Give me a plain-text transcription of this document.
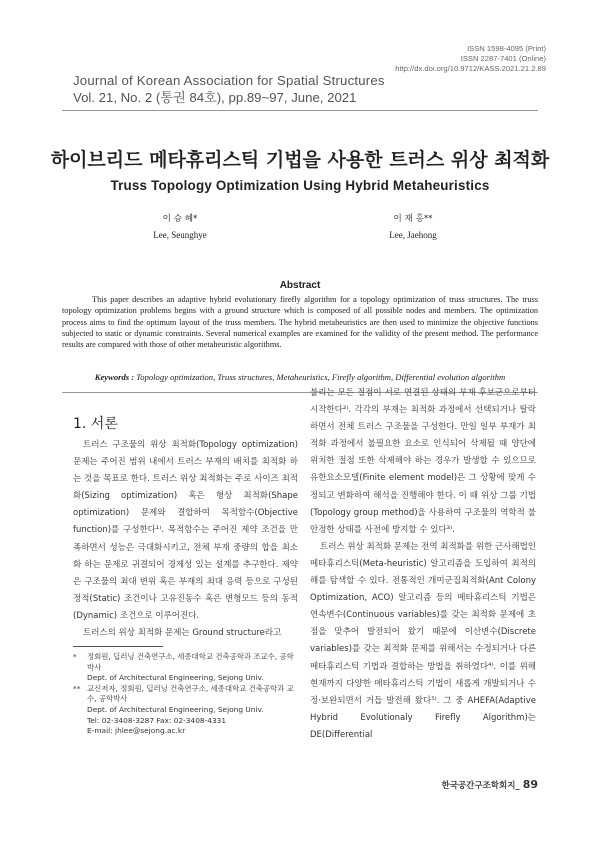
ISSN 1598-4095 (Print)
ISSN 2287-7401 (Online)
http://dx.doi.org/10.9712/KASS.2021.21.2.89
Journal of Korean Association for Spatial Structures
Vol. 21, No. 2 (통권 84호), pp.89~97, June, 2021
하이브리드 메타휴리스틱 기법을 사용한 트러스 위상 최적화
Truss Topology Optimization Using Hybrid Metaheuristics
이 승 혜*
Lee, Seunghye
이 재 홍**
Lee, Jaehong
Abstract
This paper describes an adaptive hybrid evolutionary firefly algorithm for a topology optimization of truss structures. The truss topology optimization problems begins with a ground structure which is composed of all possible nodes and members. The optimization process aims to find the optimum layout of the truss members. The hybrid metaheuristics are then used to minimize the objective functions subjected to static or dynamic constraints. Several numerical examples are examined for the validity of the present method. The performance results are compared with those of other metaheuristic algorithms.
Keywords : Topology optimization, Truss structures, Metaheuristics, Firefly algorithm, Differential evolution algorithm
1. 서론

트러스 구조물의 위상 최적화(Topology optimization) 문제는 주어진 범위 내에서 트러스 부재의 배치를 최적화 하는 것을 목표로 한다. 트러스 위상 최적화는 주로 사이즈 최적화(Sizing optimization) 혹은 형상 최적화(Shape optimization) 문제와 결합하여 목적함수(Objective function)를 구성한다¹⁾. 목적함수는 주어진 제약 조건을 만족하면서 성능은 극대화시키고, 전체 부재 중량의 합을 최소화 하는 문제로 귀결되어 경제성 있는 설계를 추구한다. 제약은 구조물의 최대 변위 혹은 부재의 최대 응력 등으로 구성된 정적(Static) 조건이나 고유진동수 혹은 변형모드 등의 동적(Dynamic) 조건으로 이루어진다.

트러스의 위상 최적화 문제는 Ground structure라고

불리는 모든 절점이 서로 연결된 상태의 부재 후보군으로부터 시작한다²⁾. 각각의 부재는 최적화 과정에서 선택되거나 탈락하면서 전체 트러스 구조물을 구성한다. 만일 일부 부재가 최적화 과정에서 불필요한 요소로 인식되어 삭제될 때 양단에 위치한 절점 또한 삭제해야 하는 경우가 발생할 수 있으므로 유한요소모델(Finite element model)은 그 상황에 맞게 수정되고 변화하여 해석을 진행해야 한다. 이 때 위상 그룹 기법(Topology group method)을 사용하여 구조물의 역학적 불안정한 상태를 사전에 방지할 수 있다³⁾.

트러스 위상 최적화 문제는 전역 최적화를 위한 근사해법인 메타휴리스틱(Meta-heuristic) 알고리즘을 도입하여 최적의 해를 탐색할 수 있다. 전통적인 개미군집최적화(Ant Colony Optimization, ACO) 알고리즘 등의 메타휴리스틱 기법은 연속변수(Continuous variables)를 갖는 최적화 문제에 초점을 맞추어 발전되어 왔기 때문에 이산변수(Discrete variables)를 갖는 최적화 문제를 위해서는 수정되거나 다른 메타휴리스틱 기법과 결합하는 방법을 취하였다⁴⁾. 이를 위해 현재까지 다양한 메타휴리스틱 기법이 새롭게 개발되거나 수정·보완되면서 거듭 발전해 왔다⁵⁾. 그 중 AHEFA(Adaptive Hybrid Evolutionaly Firefly Algorithm)는 DE(Differential

* 정회원, 딥러닝 건축연구소, 세종대학교 건축공학과 조교수, 공학박사
Dept. of Architectural Engineering, Sejong Univ.
** 교신저자, 정회원, 딥러닝 건축연구소, 세종대학교 건축공학과 교수, 공학박사
Dept. of Architectural Engineering, Sejong Univ.
Tel: 02-3408-3287 Fax: 02-3408-4331
E-mail: jhlee@sejong.ac.kr
한국공간구조학회지_ 89
